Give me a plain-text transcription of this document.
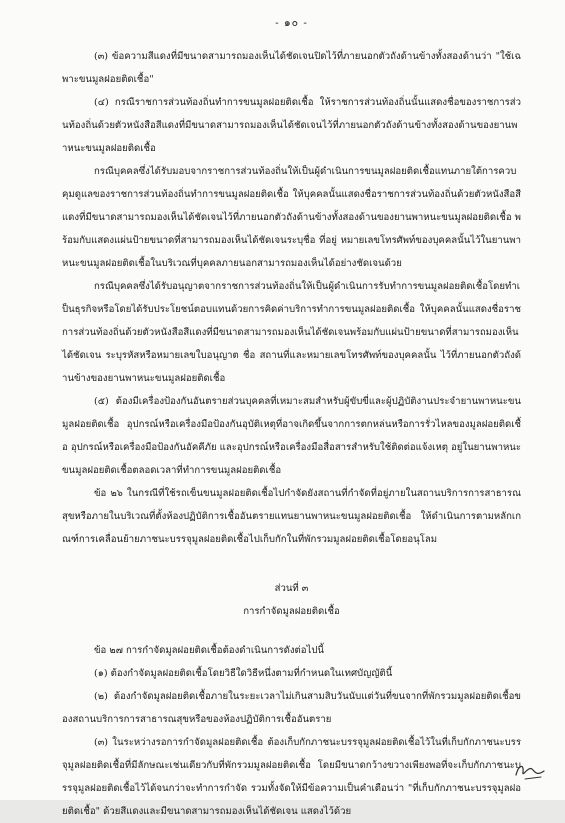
- ๑๐ -

(๓) ข้อความสีแดงที่มีขนาดสามารถมองเห็นได้ชัดเจนปิดไว้ที่ภายนอกตัวถังด้านข้างทั้งสองด้านว่า "ใช้เฉพาะขนมูลฝอยติดเชื้อ"

(๔) กรณีราชการส่วนท้องถิ่นทำการขนมูลฝอยติดเชื้อ ให้ราชการส่วนท้องถิ่นนั้นแสดงชื่อของราชการส่วนท้องถิ่นด้วยตัวหนังสือสีแดงที่มีขนาดสามารถมองเห็นได้ชัดเจนไว้ที่ภายนอกตัวถังด้านข้างทั้งสองด้านของยานพาหนะขนมูลฝอยติดเชื้อ

กรณีบุคคลซึ่งได้รับมอบจากราชการส่วนท้องถิ่นให้เป็นผู้ดำเนินการขนมูลฝอยติดเชื้อแทนภายใต้การควบคุมดูแลของราชการส่วนท้องถิ่นทำการขนมูลฝอยติดเชื้อ ให้บุคคลนั้นแสดงชื่อราชการส่วนท้องถิ่นด้วยตัวหนังสือสีแดงที่มีขนาดสามารถมองเห็นได้ชัดเจนไว้ที่ภายนอกตัวถังด้านข้างทั้งสองด้านของยานพาหนะขนมูลฝอยติดเชื้อ พร้อมกับแสดงแผ่นป้ายขนาดที่สามารถมองเห็นได้ชัดเจนระบุชื่อ ที่อยู่ หมายเลขโทรศัพท์ของบุคคลนั้นไว้ในยานพาหนะขนมูลฝอยติดเชื้อในบริเวณที่บุคคลภายนอกสามารถมองเห็นได้อย่างชัดเจนด้วย

กรณีบุคคลซึ่งได้รับอนุญาตจากราชการส่วนท้องถิ่นให้เป็นผู้ดำเนินการรับทำการขนมูลฝอยติดเชื้อโดยทำเป็นธุรกิจหรือโดยได้รับประโยชน์ตอบแทนด้วยการคิดค่าบริการทำการขนมูลฝอยติดเชื้อ ให้บุคคลนั้นแสดงชื่อราชการส่วนท้องถิ่นด้วยตัวหนังสือสีแดงที่มีขนาดสามารถมองเห็นได้ชัดเจนพร้อมกับแผ่นป้ายขนาดที่สามารถมองเห็นได้ชัดเจน ระบุรหัสหรือหมายเลขใบอนุญาต ชื่อ สถานที่และหมายเลขโทรศัพท์ของบุคคลนั้น ไว้ที่ภายนอกตัวถังด้านข้างของยานพาหนะขนมูลฝอยติดเชื้อ

(๕) ต้องมีเครื่องป้องกันอันตรายส่วนบุคคลที่เหมาะสมสำหรับผู้ขับขี่และผู้ปฏิบัติงานประจำยานพาหนะขนมูลฝอยติดเชื้อ อุปกรณ์หรือเครื่องมือป้องกันอุบัติเหตุที่อาจเกิดขึ้นจากการตกหล่นหรือการรั่วไหลของมูลฝอยติดเชื้อ อุปกรณ์หรือเครื่องมือป้องกันอัคคีภัย และอุปกรณ์หรือเครื่องมือสื่อสารสำหรับใช้ติดต่อแจ้งเหตุ อยู่ในยานพาหนะขนมูลฝอยติดเชื้อตลอดเวลาที่ทำการขนมูลฝอยติดเชื้อ

ข้อ ๒๖ ในกรณีที่ใช้รถเข็นขนมูลฝอยติดเชื้อไปกำจัดยังสถานที่กำจัดที่อยู่ภายในสถานบริการการสาธารณสุขหรือภายในบริเวณที่ตั้งห้องปฏิบัติการเชื้ออันตรายแทนยานพาหนะขนมูลฝอยติดเชื้อ ให้ดำเนินการตามหลักเกณฑ์การเคลื่อนย้ายภาชนะบรรจุมูลฝอยติดเชื้อไปเก็บกักในที่พักรวมมูลฝอยติดเชื้อโดยอนุโลม

ส่วนที่ ๓

การกำจัดมูลฝอยติดเชื้อ

ข้อ ๒๗ การกำจัดมูลฝอยติดเชื้อต้องดำเนินการดังต่อไปนี้

(๑) ต้องกำจัดมูลฝอยติดเชื้อโดยวิธีใดวิธีหนึ่งตามที่กำหนดในเทศบัญญัตินี้

(๒) ต้องกำจัดมูลฝอยติดเชื้อภายในระยะเวลาไม่เกินสามสิบวันนับแต่วันที่ขนจากที่พักรวมมูลฝอยติดเชื้อของสถานบริการการสาธารณสุขหรือของห้องปฏิบัติการเชื้ออันตราย

(๓) ในระหว่างรอการกำจัดมูลฝอยติดเชื้อ ต้องเก็บกักภาชนะบรรจุมูลฝอยติดเชื้อไว้ในที่เก็บกักภาชนะบรรจุมูลฝอยติดเชื้อที่มีลักษณะเช่นเดียวกับที่พักรวมมูลฝอยติดเชื้อ โดยมีขนาดกว้างขวางเพียงพอที่จะเก็บกักภาชนะบรรจุมูลฝอยติดเชื้อไว้ได้จนกว่าจะทำการกำจัด รวมทั้งจัดให้มีข้อความเป็นคำเตือนว่า "ที่เก็บกักภาชนะบรรจุมูลฝอยติดเชื้อ" ด้วยสีแดงและมีขนาดสามารถมองเห็นได้ชัดเจน แสดงไว้ด้วย
